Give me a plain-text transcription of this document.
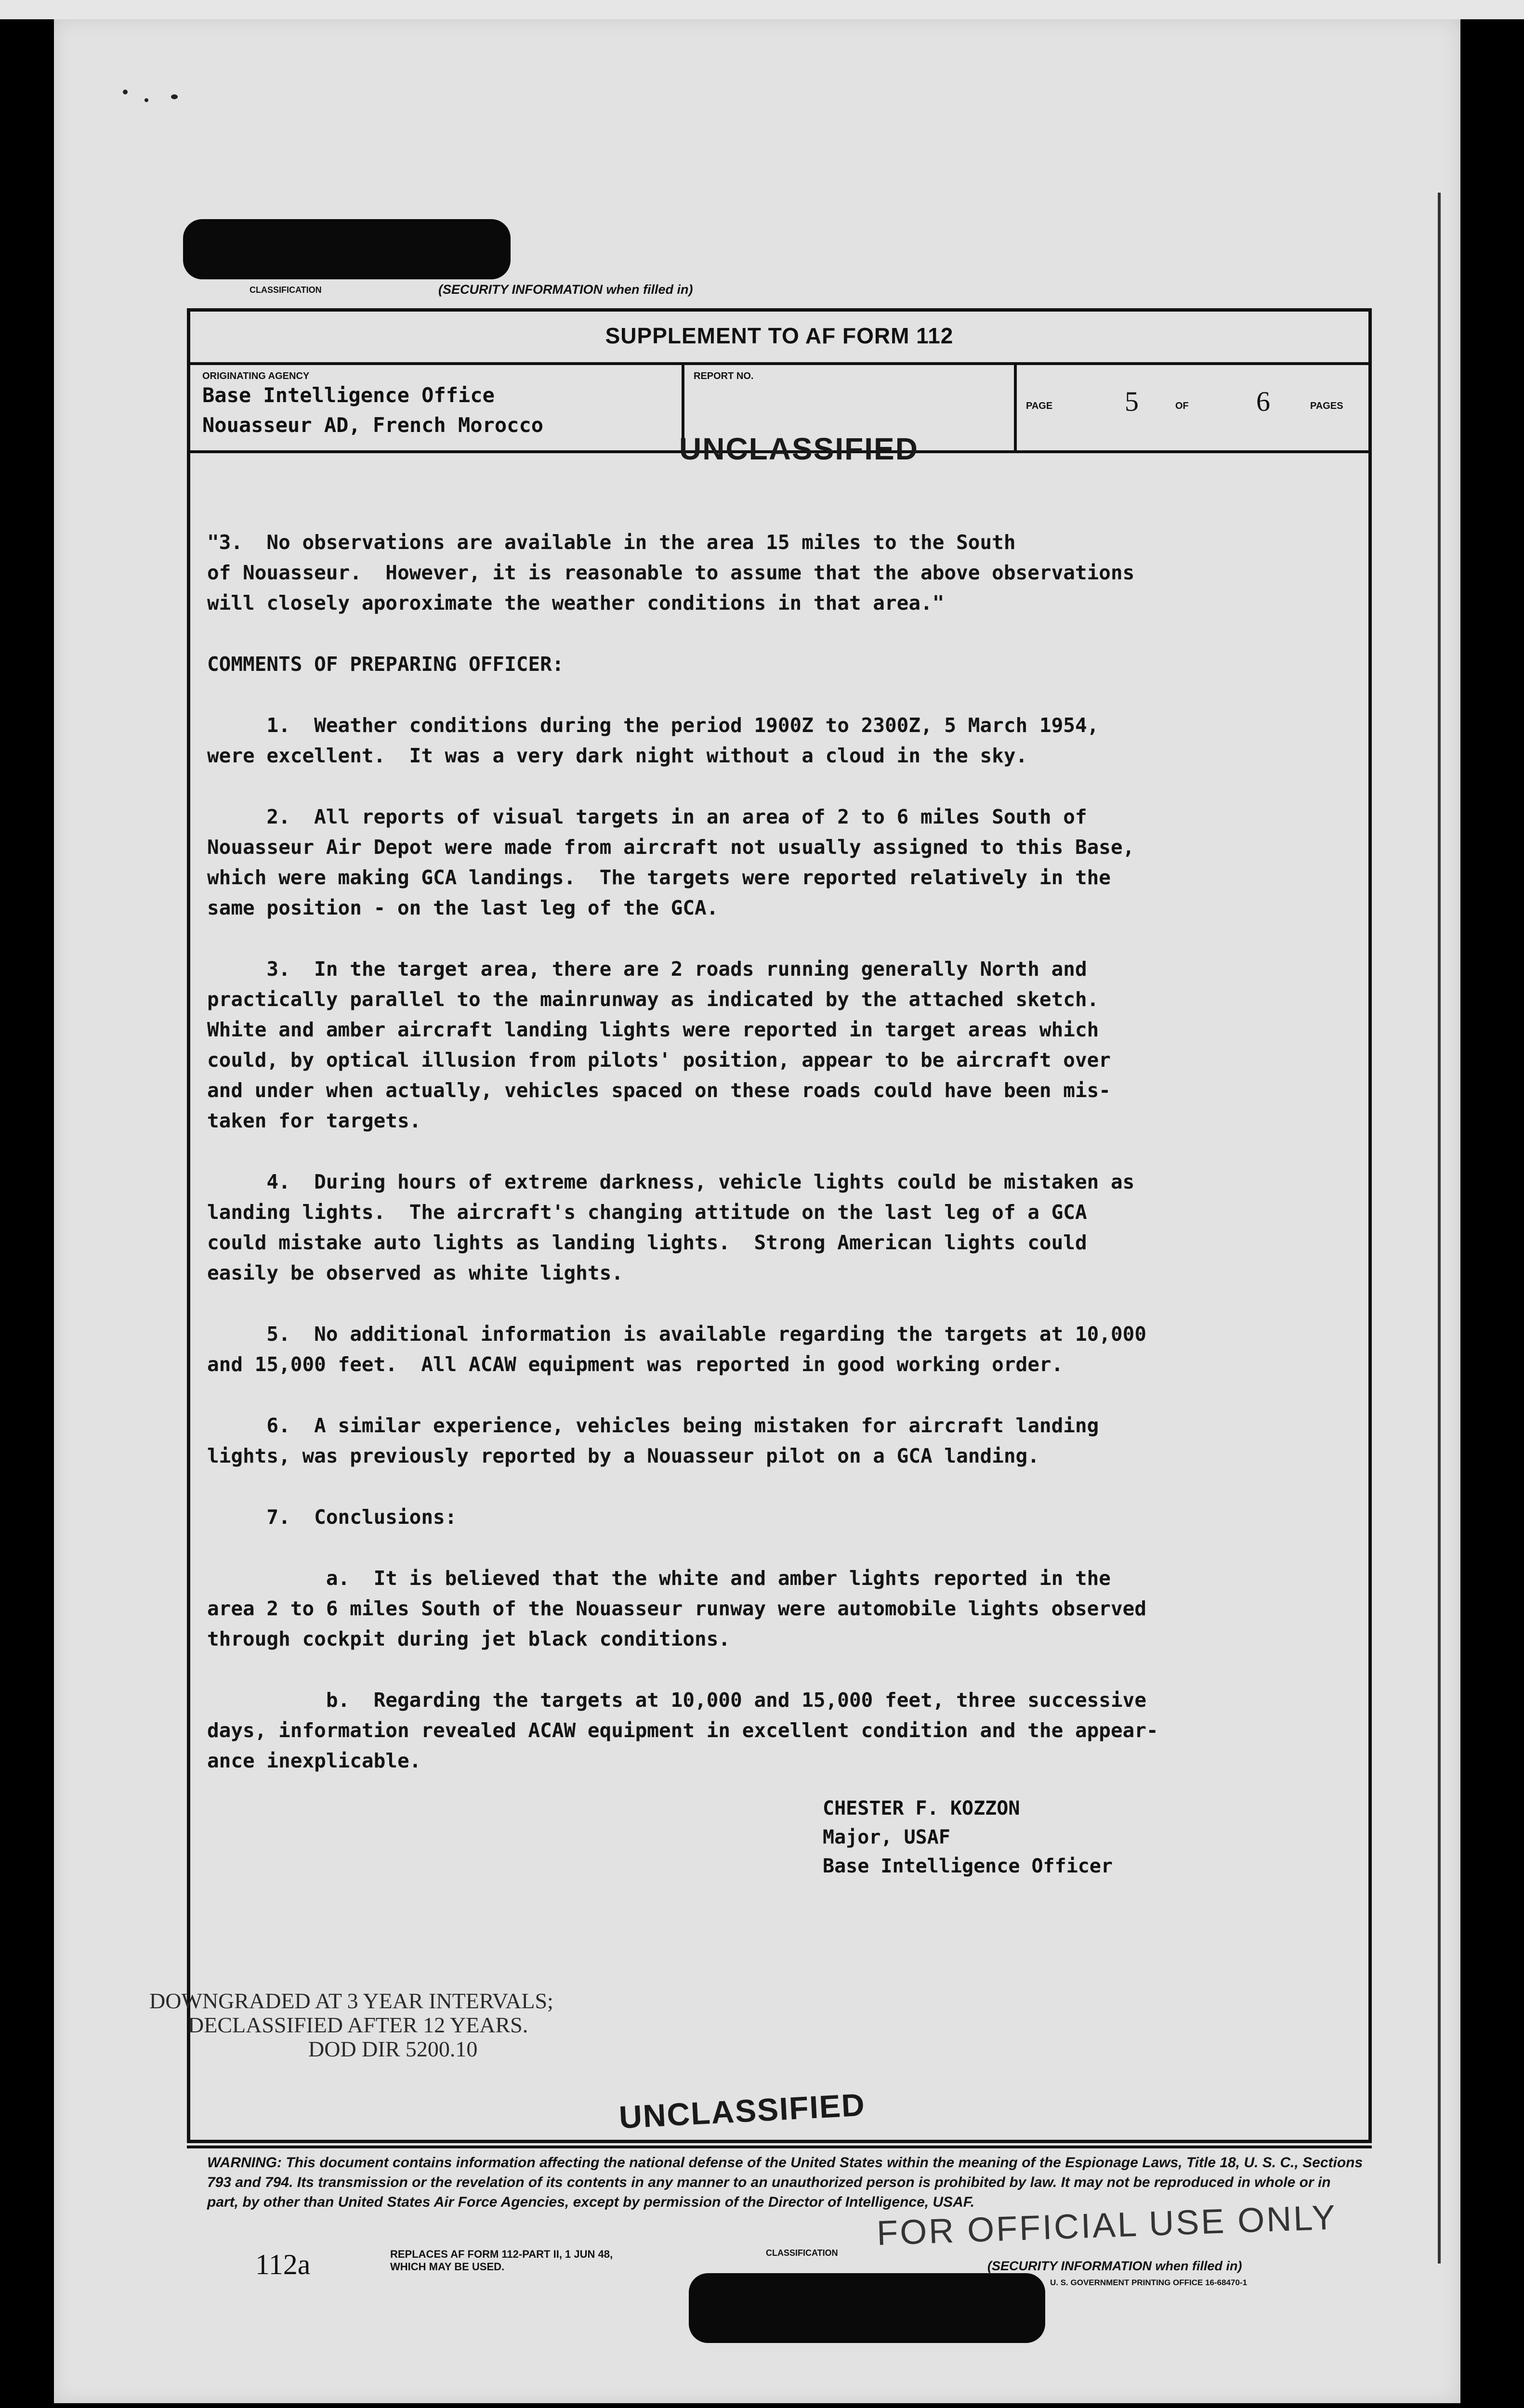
CLASSIFICATION	(SECURITY INFORMATION when filled in)
SUPPLEMENT TO AF FORM 112
ORIGINATING AGENCY
Base Intelligence Office
Nouasseur AD, French Morocco
REPORT NO.
PAGE	5	OF 6	PAGES
UNCLASSIFIED

"3.  No observations are available in the area 15 miles to the South
of Nouasseur.  However, it is reasonable to assume that the above observations
will closely aporoximate the weather conditions in that area."

COMMENTS OF PREPARING OFFICER:

1.  Weather conditions during the period 1900Z to 2300Z, 5 March 1954,
were excellent.  It was a very dark night without a cloud in the sky.

2.  All reports of visual targets in an area of 2 to 6 miles South of
Nouasseur Air Depot were made from aircraft not usually assigned to this Base,
which were making GCA landings.  The targets were reported relatively in the
same position - on the last leg of the GCA.

3.  In the target area, there are 2 roads running generally North and
practically parallel to the mainrunway as indicated by the attached sketch.
White and amber aircraft landing lights were reported in target areas which
could, by optical illusion from pilots' position, appear to be aircraft over
and under when actually, vehicles spaced on these roads could have been mis-
taken for targets.

4.  During hours of extreme darkness, vehicle lights could be mistaken as
landing lights.  The aircraft's changing attitude on the last leg of a GCA
could mistake auto lights as landing lights.  Strong American lights could
easily be observed as white lights.

5.  No additional information is available regarding the targets at 10,000
and 15,000 feet.  All ACAW equipment was reported in good working order.

6.  A similar experience, vehicles being mistaken for aircraft landing
lights, was previously reported by a Nouasseur pilot on a GCA landing.

7.  Conclusions:

a.  It is believed that the white and amber lights reported in the
area 2 to 6 miles South of the Nouasseur runway were automobile lights observed
through cockpit during jet black conditions.

b.  Regarding the targets at 10,000 and 15,000 feet, three successive
days, information revealed ACAW equipment in excellent condition and the appear-
ance inexplicable.

CHESTER F. KOZZON
Major, USAF
Base Intelligence Officer
DOWNGRADED AT 3 YEAR INTERVALS;
DECLASSIFIED AFTER 12 YEARS.
DOD DIR 5200.10
UNCLASSIFIED
WARNING: This document contains information affecting the national defense of the United States within the meaning of the Espionage Laws, Title 18, U. S. C., Sections 793 and 794. Its transmission or the revelation of its contents in any manner to an unauthorized person is prohibited by law. It may not be reproduced in whole or in part, by other than United States Air Force Agencies, except by permission of the Director of Intelligence, USAF.
FOR OFFICIAL USE ONLY
112a	REPLACES AF FORM 112-PART II, 1 JUN 48,
WHICH MAY BE USED.
CLASSIFICATION
(SECURITY INFORMATION when filled in)
U. S. GOVERNMENT PRINTING OFFICE 16-68470-1
